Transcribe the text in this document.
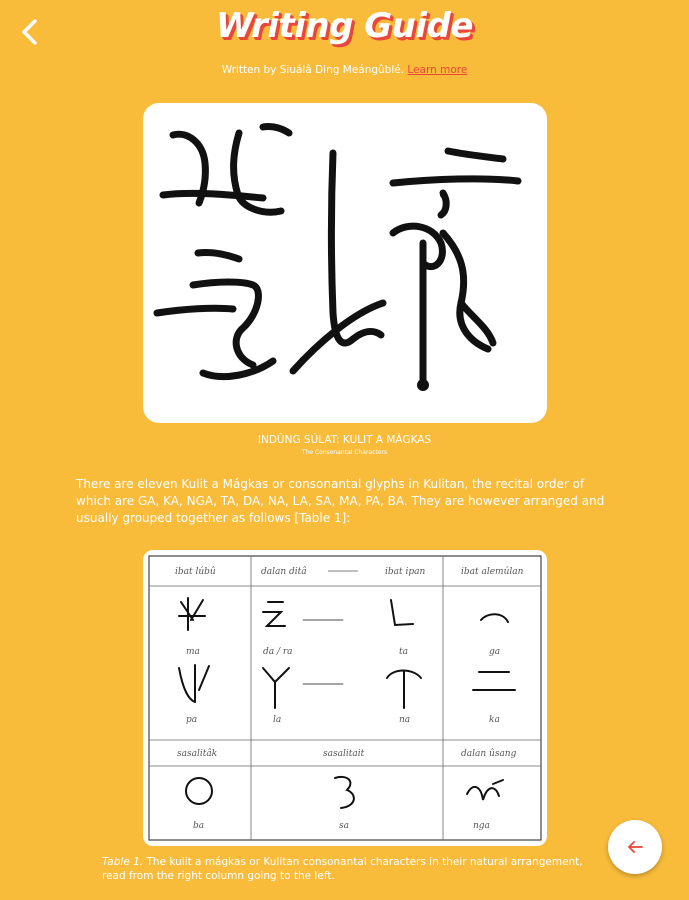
Writing Guide
Written by Siuálâ Ding Meángûblé. Learn more
INDÛNG SÚLAT: KULIT A MÁGKAS
The Consonantal Characters
There are eleven Kulit a Mágkas or consonantal glyphs in Kulitan, the recital order of which are GA, KA, NGA, TA, DA, NA, LA, SA, MA, PA, BA. They are however arranged and usually grouped together as follows [Table 1]:
ibat lúbû	dalan ditâ	ibat ipan	ibat alemúlan
ma	da / ra	ta	ga
pa	la	na	ka
sasalitâk	sasalitait	dalan ûsang
ba	sa	nga
Table 1. The kulit a mágkas or Kulitan consonantal characters in their natural arrangement, read from the right column going to the left.
